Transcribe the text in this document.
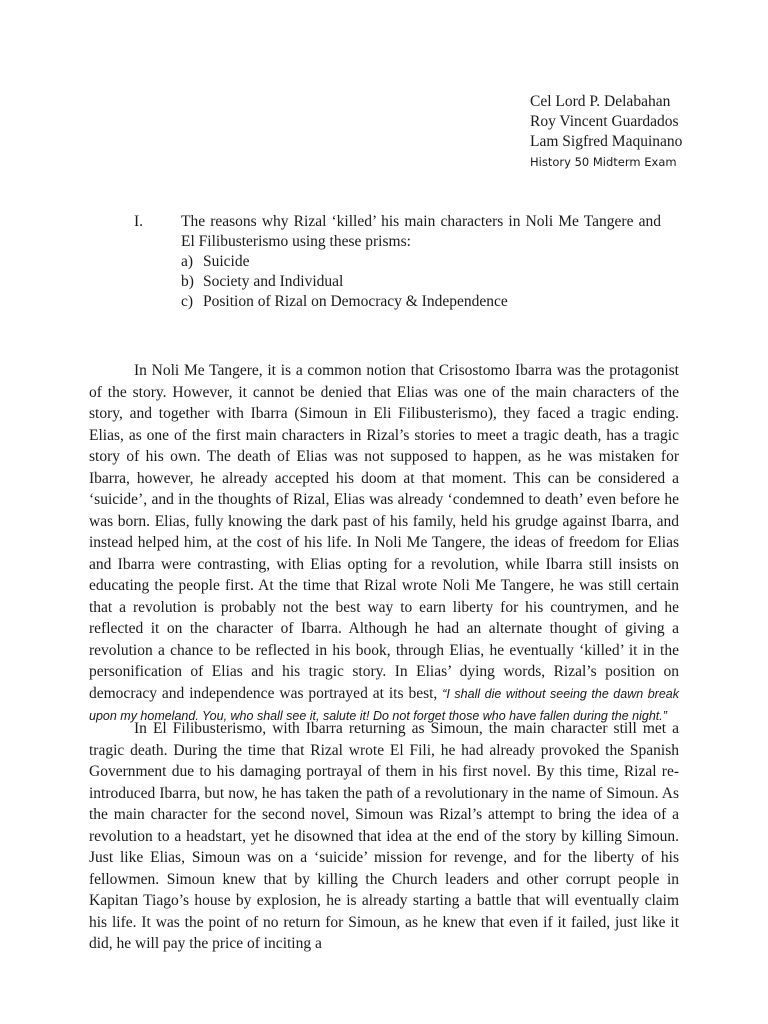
Cel Lord P. Delabahan
Roy Vincent Guardados
Lam Sigfred Maquinano
History 50 Midterm Exam
I. The reasons why Rizal ‘killed’ his main characters in Noli Me Tangere and El Filibusterismo using these prisms:
a) Suicide
b) Society and Individual
c) Position of Rizal on Democracy & Independence

In Noli Me Tangere, it is a common notion that Crisostomo Ibarra was the protagonist of the story. However, it cannot be denied that Elias was one of the main characters of the story, and together with Ibarra (Simoun in Eli Filibusterismo), they faced a tragic ending. Elias, as one of the first main characters in Rizal’s stories to meet a tragic death, has a tragic story of his own. The death of Elias was not supposed to happen, as he was mistaken for Ibarra, however, he already accepted his doom at that moment. This can be considered a ‘suicide’, and in the thoughts of Rizal, Elias was already ‘condemned to death’ even before he was born. Elias, fully knowing the dark past of his family, held his grudge against Ibarra, and instead helped him, at the cost of his life. In Noli Me Tangere, the ideas of freedom for Elias and Ibarra were contrasting, with Elias opting for a revolution, while Ibarra still insists on educating the people first. At the time that Rizal wrote Noli Me Tangere, he was still certain that a revolution is probably not the best way to earn liberty for his countrymen, and he reflected it on the character of Ibarra. Although he had an alternate thought of giving a revolution a chance to be reflected in his book, through Elias, he eventually ‘killed’ it in the personification of Elias and his tragic story. In Elias’ dying words, Rizal’s position on democracy and independence was portrayed at its best, “I shall die without seeing the dawn break upon my homeland. You, who shall see it, salute it! Do not forget those who have fallen during the night.”

In El Filibusterismo, with Ibarra returning as Simoun, the main character still met a tragic death. During the time that Rizal wrote El Fili, he had already provoked the Spanish Government due to his damaging portrayal of them in his first novel. By this time, Rizal re-introduced Ibarra, but now, he has taken the path of a revolutionary in the name of Simoun. As the main character for the second novel, Simoun was Rizal’s attempt to bring the idea of a revolution to a headstart, yet he disowned that idea at the end of the story by killing Simoun. Just like Elias, Simoun was on a ‘suicide’ mission for revenge, and for the liberty of his fellowmen. Simoun knew that by killing the Church leaders and other corrupt people in Kapitan Tiago’s house by explosion, he is already starting a battle that will eventually claim his life. It was the point of no return for Simoun, as he knew that even if it failed, just like it did, he will pay the price of inciting a
